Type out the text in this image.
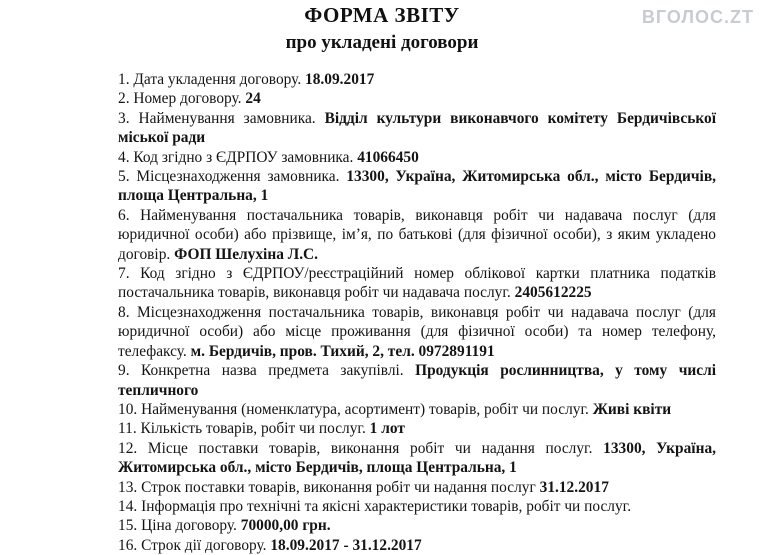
ФОРМА ЗВІТУ
про укладені договори
ВГОЛОС.ZT

1. Дата укладення договору. 18.09.2017

2. Номер договору. 24

3. Найменування замовника. Відділ культури виконавчого комітету Бердичівської міської ради

4. Код згідно з ЄДРПОУ замовника. 41066450

5. Місцезнаходження замовника. 13300, Україна, Житомирська обл., місто Бердичів, площа Центральна, 1

6. Найменування постачальника товарів, виконавця робіт чи надавача послуг (для юридичної особи) або прізвище, ім’я, по батькові (для фізичної особи), з яким укладено договір. ФОП Шелухіна Л.С.

7. Код згідно з ЄДРПОУ/реєстраційний номер облікової картки платника податків постачальника товарів, виконавця робіт чи надавача послуг. 2405612225

8. Місцезнаходження постачальника товарів, виконавця робіт чи надавача послуг (для юридичної особи) або місце проживання (для фізичної особи) та номер телефону, телефаксу. м. Бердичів, пров. Тихий, 2, тел. 0972891191

9. Конкретна назва предмета закупівлі. Продукція рослинництва, у тому числі тепличного

10. Найменування (номенклатура, асортимент) товарів, робіт чи послуг. Живі квіти

11. Кількість товарів, робіт чи послуг. 1 лот

12. Місце поставки товарів, виконання робіт чи надання послуг. 13300, Україна, Житомирська обл., місто Бердичів, площа Центральна, 1

13. Строк поставки товарів, виконання робіт чи надання послуг 31.12.2017

14. Інформація про технічні та якісні характеристики товарів, робіт чи послуг.

15. Ціна договору. 70000,00 грн.

16. Строк дії договору. 18.09.2017 - 31.12.2017
